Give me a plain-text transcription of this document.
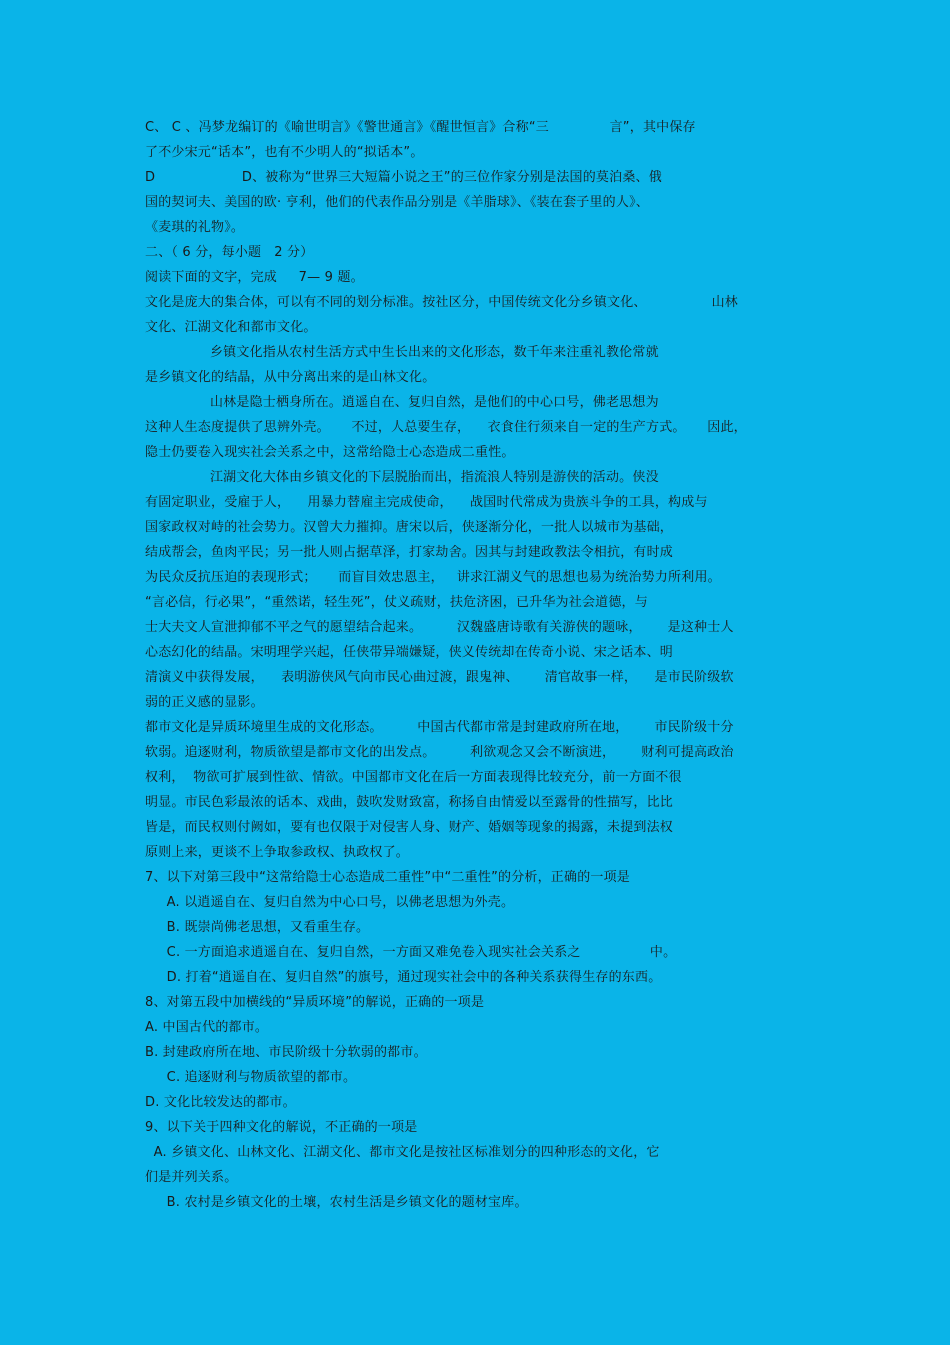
C、 C 、冯梦龙编订的《喻世明言》《警世通言》《醒世恒言》合称“三              言”，其中保存
了不少宋元“话本”，也有不少明人的“拟话本”。
D                    D、被称为“世界三大短篇小说之王”的三位作家分别是法国的莫泊桑、俄
国的契诃夫、美国的欧· 亨利，他们的代表作品分别是《羊脂球》、《装在套子里的人》、
《麦琪的礼物》。
二、（ 6 分，每小题   2 分）
阅读下面的文字，完成     7— 9 题。
文化是庞大的集合体，可以有不同的划分标准。按社区分，中国传统文化分乡镇文化、               山林
文化、江湖文化和都市文化。
乡镇文化指从农村生活方式中生长出来的文化形态，数千年来注重礼教伦常就
是乡镇文化的结晶，从中分离出来的是山林文化。
山林是隐士栖身所在。逍遥自在、复归自然，是他们的中心口号，佛老思想为
这种人生态度提供了思辨外壳。     不过，人总要生存，    衣食住行须来自一定的生产方式。     因此，
隐士仍要卷入现实社会关系之中，这常给隐士心态造成二重性。
江湖文化大体由乡镇文化的下层脱胎而出，指流浪人特别是游侠的活动。侠没
有固定职业，受雇于人，    用暴力替雇主完成使命，    战国时代常成为贵族斗争的工具，构成与
国家政权对峙的社会势力。汉曾大力摧抑。唐宋以后，侠逐渐分化，一批人以城市为基础，
结成帮会，鱼肉平民；另一批人则占据草泽，打家劫舍。因其与封建政教法令相抗，有时成
为民众反抗压迫的表现形式；     而盲目效忠恩主，   讲求江湖义气的思想也易为统治势力所利用。
“言必信，行必果”，“重然诺，轻生死”，仗义疏财，扶危济困，已升华为社会道德，与
士大夫文人宣泄抑郁不平之气的愿望结合起来。        汉魏盛唐诗歌有关游侠的题咏，      是这种士人
心态幻化的结晶。宋明理学兴起，任侠带异端嫌疑，侠义传统却在传奇小说、宋之话本、明
清演义中获得发展，    表明游侠风气向市民心曲过渡，跟鬼神、      清官故事一样，    是市民阶级软
弱的正义感的显影。
都市文化是异质环境里生成的文化形态。        中国古代都市常是封建政府所在地，      市民阶级十分
软弱。追逐财利，物质欲望是都市文化的出发点。        利欲观念又会不断演进，      财利可提高政治
权利，  物欲可扩展到性欲、情欲。中国都市文化在后一方面表现得比较充分，前一方面不很
明显。市民色彩最浓的话本、戏曲，鼓吹发财致富，称扬自由情爱以至露骨的性描写，比比
皆是，而民权则付阙如，要有也仅限于对侵害人身、财产、婚姻等现象的揭露，未提到法权
原则上来，更谈不上争取参政权、执政权了。
7、以下对第三段中“这常给隐士心态造成二重性”中“二重性”的分析，正确的一项是
A. 以逍遥自在、复归自然为中心口号，以佛老思想为外壳。
B. 既崇尚佛老思想，又看重生存。
C. 一方面追求逍遥自在、复归自然，一方面又难免卷入现实社会关系之                中。
D. 打着“逍遥自在、复归自然”的旗号，通过现实社会中的各种关系获得生存的东西。
8、对第五段中加横线的“异质环境”的解说，正确的一项是
A. 中国古代的都市。
B. 封建政府所在地、市民阶级十分软弱的都市。
C. 追逐财利与物质欲望的都市。
D. 文化比较发达的都市。
9、以下关于四种文化的解说，不正确的一项是
A. 乡镇文化、山林文化、江湖文化、都市文化是按社区标准划分的四种形态的文化，它
们是并列关系。
B. 农村是乡镇文化的土壤，农村生活是乡镇文化的题材宝库。
